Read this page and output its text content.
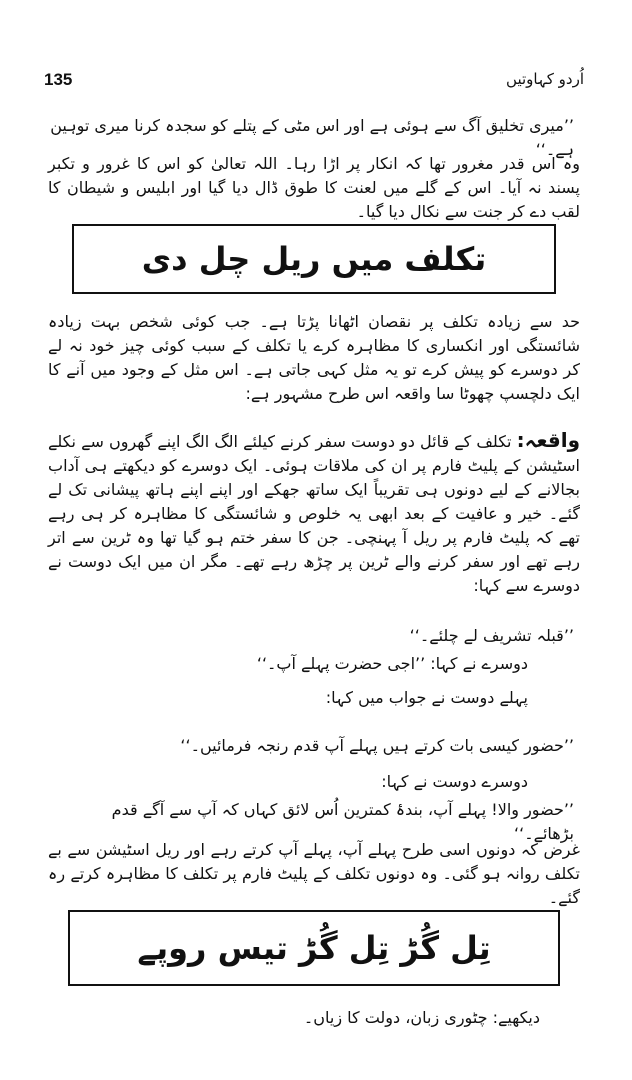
135	اُردو کہاوتیں

’’میری تخلیق آگ سے ہوئی ہے اور اس مٹی کے پتلے کو سجدہ کرنا میری توہین ہے۔‘‘

وہ اس قدر مغرور تھا کہ انکار پر اڑا رہا۔ اللہ تعالیٰ کو اس کا غرور و تکبر پسند نہ آیا۔ اس کے گلے میں لعنت کا طوق ڈال دیا گیا اور ابلیس و شیطان کا لقب دے کر جنت سے نکال دیا گیا۔

تکلف میں ریل چل دی

حد سے زیادہ تکلف پر نقصان اٹھانا پڑتا ہے۔ جب کوئی شخص بہت زیادہ شائستگی اور انکساری کا مظاہرہ کرے یا تکلف کے سبب کوئی چیز خود نہ لے کر دوسرے کو پیش کرے تو یہ مثل کہی جاتی ہے۔ اس مثل کے وجود میں آنے کا ایک دلچسپ چھوٹا سا واقعہ اس طرح مشہور ہے:

واقعہ: تکلف کے قائل دو دوست سفر کرنے کیلئے الگ الگ اپنے گھروں سے نکلے اسٹیشن کے پلیٹ فارم پر ان کی ملاقات ہوئی۔ ایک دوسرے کو دیکھتے ہی آداب بجالانے کے لیے دونوں ہی تقریباً ایک ساتھ جھکے اور اپنے اپنے ہاتھ پیشانی تک لے گئے۔ خیر و عافیت کے بعد ابھی یہ خلوص و شائستگی کا مظاہرہ کر ہی رہے تھے کہ پلیٹ فارم پر ریل آ پہنچی۔ جن کا سفر ختم ہو گیا تھا وہ ٹرین سے اتر رہے تھے اور سفر کرنے والے ٹرین پر چڑھ رہے تھے۔ مگر ان میں ایک دوست نے دوسرے سے کہا:

’’قبلہ تشریف لے چلئے۔‘‘

دوسرے نے کہا: ’’اجی حضرت پہلے آپ۔‘‘

پہلے دوست نے جواب میں کہا:

’’حضور کیسی بات کرتے ہیں پہلے آپ قدم رنجہ فرمائیں۔‘‘

دوسرے دوست نے کہا:

’’حضور والا! پہلے آپ، بندۂ کمترین اُس لائق کہاں کہ آپ سے آگے قدم بڑھائے۔‘‘

غرض کہ دونوں اسی طرح پہلے آپ، پہلے آپ کرتے رہے اور ریل اسٹیشن سے بے تکلف روانہ ہو گئی۔ وہ دونوں تکلف کے پلیٹ فارم پر تکلف کا مظاہرہ کرتے رہ گئے۔

تِل گُڑ تِل گُڑ تیس روپے

دیکھیے: چٹوری زبان، دولت کا زیاں۔
